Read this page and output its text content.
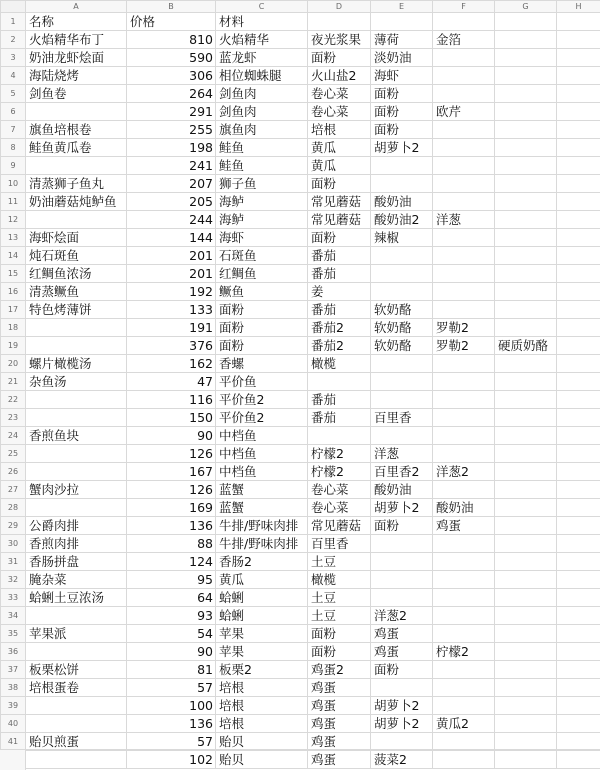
	A	B	C	D	E	F	G	H
1	名称	价格	材料					
2	火焰精华布丁	810	火焰精华	夜光浆果	薄荷	金箔		
3	奶油龙虾烩面	590	蓝龙虾	面粉	淡奶油			
4	海陆烧烤	306	相位蜘蛛腿	火山盐2	海虾			
5	剑鱼卷	264	剑鱼肉	卷心菜	面粉			
6		291	剑鱼肉	卷心菜	面粉	欧芹		
7	旗鱼培根卷	255	旗鱼肉	培根	面粉			
8	鲑鱼黄瓜卷	198	鲑鱼	黄瓜	胡萝卜2			
9		241	鲑鱼	黄瓜				
10	清蒸狮子鱼丸	207	狮子鱼	面粉				
11	奶油蘑菇炖鲈鱼	205	海鲈	常见蘑菇	酸奶油			
12		244	海鲈	常见蘑菇	酸奶油2	洋葱		
13	海虾烩面	144	海虾	面粉	辣椒			
14	炖石斑鱼	201	石斑鱼	番茄				
15	红鲷鱼浓汤	201	红鲷鱼	番茄				
16	清蒸鳜鱼	192	鳜鱼	姜				
17	特色烤薄饼	133	面粉	番茄	软奶酪			
18		191	面粉	番茄2	软奶酪	罗勒2		
19		376	面粉	番茄2	软奶酪	罗勒2	硬质奶酪	
20	螺片橄榄汤	162	香螺	橄榄				
21	杂鱼汤	47	平价鱼					
22		116	平价鱼2	番茄				
23		150	平价鱼2	番茄	百里香			
24	香煎鱼块	90	中档鱼					
25		126	中档鱼	柠檬2	洋葱			
26		167	中档鱼	柠檬2	百里香2	洋葱2		
27	蟹肉沙拉	126	蓝蟹	卷心菜	酸奶油			
28		169	蓝蟹	卷心菜	胡萝卜2	酸奶油		
29	公爵肉排	136	牛排/野味肉排	常见蘑菇	面粉	鸡蛋		
30	香煎肉排	88	牛排/野味肉排	百里香				
31	香肠拼盘	124	香肠2	土豆				
32	腌杂菜	95	黄瓜	橄榄				
33	蛤蜊土豆浓汤	64	蛤蜊	土豆				
34		93	蛤蜊	土豆	洋葱2			
35	苹果派	54	苹果	面粉	鸡蛋			
36		90	苹果	面粉	鸡蛋	柠檬2		
37	板栗松饼	81	板栗2	鸡蛋2	面粉			
38	培根蛋卷	57	培根	鸡蛋				
39		100	培根	鸡蛋	胡萝卜2			
40		136	培根	鸡蛋	胡萝卜2	黄瓜2		
41	贻贝煎蛋	57	贻贝	鸡蛋				
		102	贻贝	鸡蛋	菠菜2			
